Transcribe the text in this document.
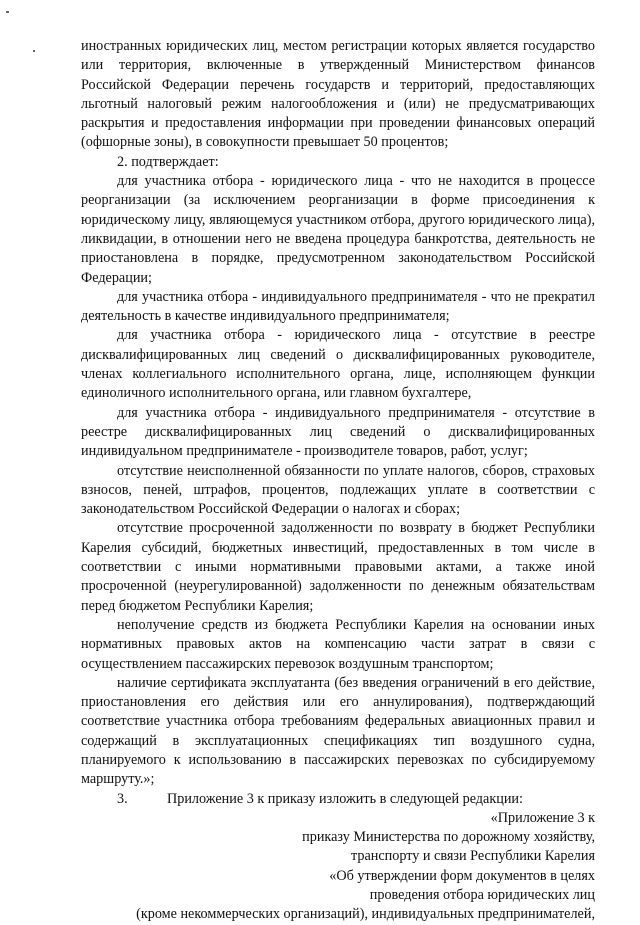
иностранных юридических лиц, местом регистрации которых является государство или территория, включенные в утвержденный Министерством финансов Российской Федерации перечень государств и территорий, предоставляющих льготный налоговый режим налогообложения и (или) не предусматривающих раскрытия и предоставления информации при проведении финансовых операций (офшорные зоны), в совокупности превышает 50 процентов;

2. подтверждает:

для участника отбора - юридического лица - что не находится в процессе реорганизации (за исключением реорганизации в форме присоединения к юридическому лицу, являющемуся участником отбора, другого юридического лица), ликвидации, в отношении него не введена процедура банкротства, деятельность не приостановлена в порядке, предусмотренном законодательством Российской Федерации;

для участника отбора - индивидуального предпринимателя - что не прекратил деятельность в качестве индивидуального предпринимателя;

для участника отбора - юридического лица - отсутствие в реестре дисквалифицированных лиц сведений о дисквалифицированных руководителе, членах коллегиального исполнительного органа, лице, исполняющем функции единоличного исполнительного органа, или главном бухгалтере,

для участника отбора - индивидуального предпринимателя - отсутствие в реестре дисквалифицированных лиц сведений о дисквалифицированных индивидуальном предпринимателе - производителе товаров, работ, услуг;

отсутствие неисполненной обязанности по уплате налогов, сборов, страховых взносов, пеней, штрафов, процентов, подлежащих уплате в соответствии с законодательством Российской Федерации о налогах и сборах;

отсутствие просроченной задолженности по возврату в бюджет Республики Карелия субсидий, бюджетных инвестиций, предоставленных в том числе в соответствии с иными нормативными правовыми актами, а также иной просроченной (неурегулированной) задолженности по денежным обязательствам перед бюджетом Республики Карелия;

неполучение средств из бюджета Республики Карелия на основании иных нормативных правовых актов на компенсацию части затрат в связи с осуществлением пассажирских перевозок воздушным транспортом;

наличие сертификата эксплуатанта (без введения ограничений в его действие, приостановления его действия или его аннулирования), подтверждающий соответствие участника отбора требованиям федеральных авиационных правил и содержащий в эксплуатационных спецификациях тип воздушного судна, планируемого к использованию в пассажирских перевозках по субсидируемому маршруту.»;

3.	Приложение 3 к приказу изложить в следующей редакции:

«Приложение 3 к

приказу Министерства по дорожному хозяйству,

транспорту и связи Республики Карелия

«Об утверждении форм документов в целях

проведения отбора юридических лиц

(кроме некоммерческих организаций), индивидуальных предпринимателей,
